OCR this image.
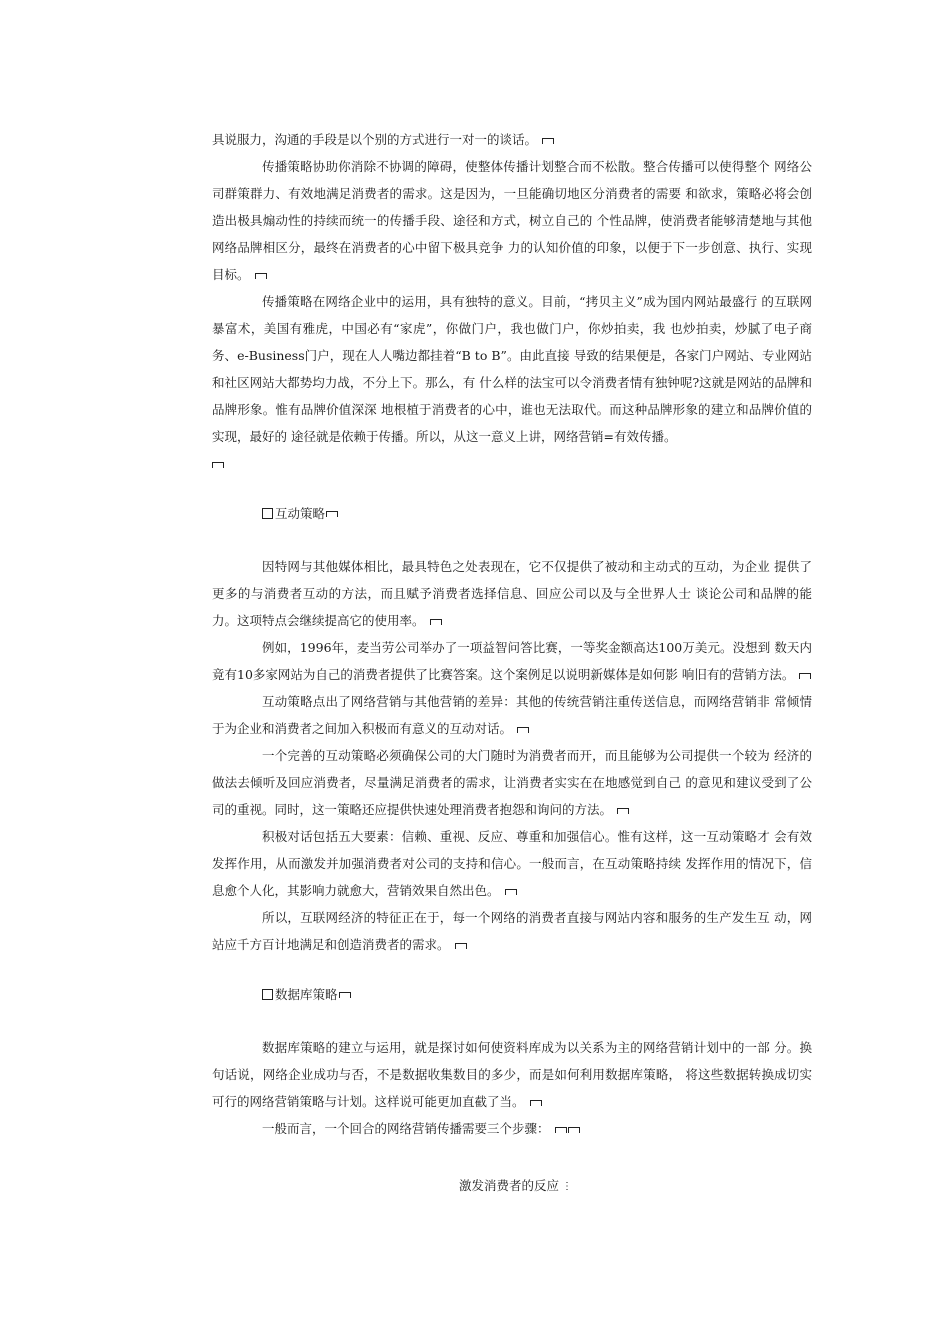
具说服力，沟通的手段是以个别的方式进行一对一的谈话。

传播策略协助你消除不协调的障碍，使整体传播计划整合而不松散。整合传播可以使得整个 网络公司群策群力、有效地满足消费者的需求。这是因为，一旦能确切地区分消费者的需要 和欲求，策略必将会创造出极具煽动性的持续而统一的传播手段、途径和方式，树立自己的 个性品牌，使消费者能够清楚地与其他网络品牌相区分，最终在消费者的心中留下极具竞争 力的认知价值的印象，以便于下一步创意、执行、实现目标。

传播策略在网络企业中的运用，具有独特的意义。目前，“拷贝主义”成为国内网站最盛行 的互联网暴富术，美国有雅虎，中国必有“家虎”，你做门户，我也做门户，你炒拍卖，我 也炒拍卖，炒腻了电子商务、e-Business门户，现在人人嘴边都挂着“B to B”。由此直接 导致的结果便是，各家门户网站、专业网站和社区网站大都势均力战，不分上下。那么，有 什么样的法宝可以令消费者情有独钟呢?这就是网站的品牌和品牌形象。惟有品牌价值深深 地根植于消费者的心中，谁也无法取代。而这种品牌形象的建立和品牌价值的实现，最好的 途径就是依赖于传播。所以，从这一意义上讲，网络营销=有效传播。

互动策略

因特网与其他媒体相比，最具特色之处表现在，它不仅提供了被动和主动式的互动，为企业 提供了更多的与消费者互动的方法，而且赋予消费者选择信息、回应公司以及与全世界人士 谈论公司和品牌的能力。这项特点会继续提高它的使用率。

例如，1996年，麦当劳公司举办了一项益智问答比赛，一等奖金额高达100万美元。没想到 数天内竟有10多家网站为自己的消费者提供了比赛答案。这个案例足以说明新媒体是如何影 响旧有的营销方法。

互动策略点出了网络营销与其他营销的差异：其他的传统营销注重传送信息，而网络营销非 常倾情于为企业和消费者之间加入积极而有意义的互动对话。

一个完善的互动策略必须确保公司的大门随时为消费者而开，而且能够为公司提供一个较为 经济的做法去倾听及回应消费者，尽量满足消费者的需求，让消费者实实在在地感觉到自己 的意见和建议受到了公司的重视。同时，这一策略还应提供快速处理消费者抱怨和询问的方法。

积极对话包括五大要素：信赖、重视、反应、尊重和加强信心。惟有这样，这一互动策略才 会有效发挥作用，从而激发并加强消费者对公司的支持和信心。一般而言，在互动策略持续 发挥作用的情况下，信息愈个人化，其影响力就愈大，营销效果自然出色。

所以，互联网经济的特征正在于，每一个网络的消费者直接与网站内容和服务的生产发生互 动，网站应千方百计地满足和创造消费者的需求。

数据库策略

数据库策略的建立与运用，就是探讨如何使资料库成为以关系为主的网络营销计划中的一部 分。换句话说，网络企业成功与否，不是数据收集数目的多少，而是如何利用数据库策略， 将这些数据转换成切实可行的网络营销策略与计划。这样说可能更加直截了当。

一般而言，一个回合的网络营销传播需要三个步骤：

激发消费者的反应 ⋮
